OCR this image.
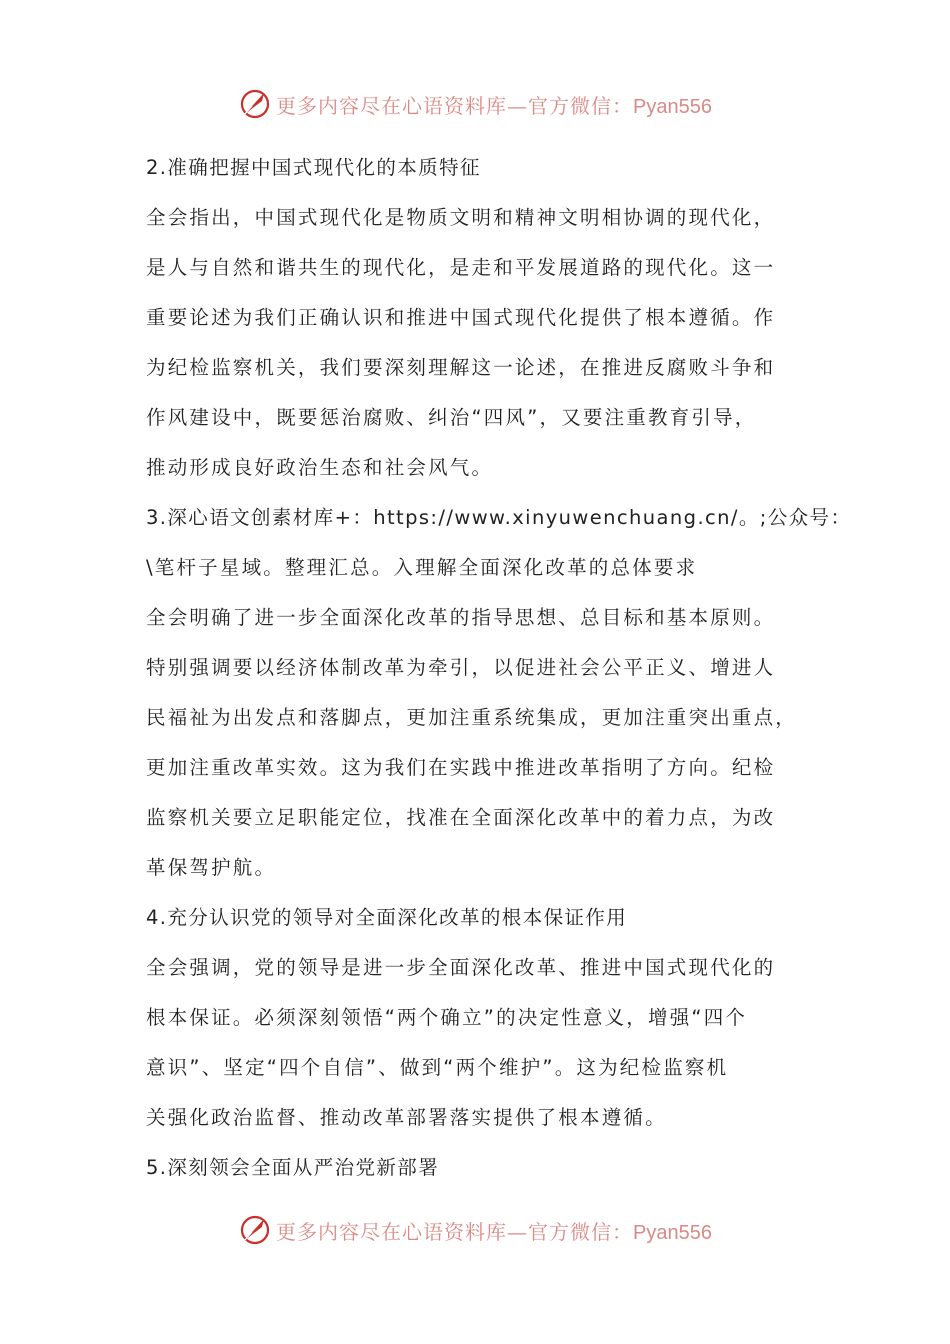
更多内容尽在心语资料库—官方微信：Pyan556
2.准确把握中国式现代化的本质特征
全会指出，中国式现代化是物质文明和精神文明相协调的现代化，
是人与自然和谐共生的现代化，是走和平发展道路的现代化。这一
重要论述为我们正确认识和推进中国式现代化提供了根本遵循。作
为纪检监察机关，我们要深刻理解这一论述，在推进反腐败斗争和
作风建设中，既要惩治腐败、纠治“四风”，又要注重教育引导，
推动形成良好政治生态和社会风气。
3.深心语文创素材库+：https://www.xinyuwenchuang.cn/。;公众号：
\笔杆子星域。整理汇总。入理解全面深化改革的总体要求
全会明确了进一步全面深化改革的指导思想、总目标和基本原则。
特别强调要以经济体制改革为牵引，以促进社会公平正义、增进人
民福祉为出发点和落脚点，更加注重系统集成，更加注重突出重点，
更加注重改革实效。这为我们在实践中推进改革指明了方向。纪检
监察机关要立足职能定位，找准在全面深化改革中的着力点，为改
革保驾护航。
4.充分认识党的领导对全面深化改革的根本保证作用
全会强调，党的领导是进一步全面深化改革、推进中国式现代化的
根本保证。必须深刻领悟“两个确立”的决定性意义，增强“四个
意识”、坚定“四个自信”、做到“两个维护”。这为纪检监察机
关强化政治监督、推动改革部署落实提供了根本遵循。
5.深刻领会全面从严治党新部署
更多内容尽在心语资料库—官方微信：Pyan556
